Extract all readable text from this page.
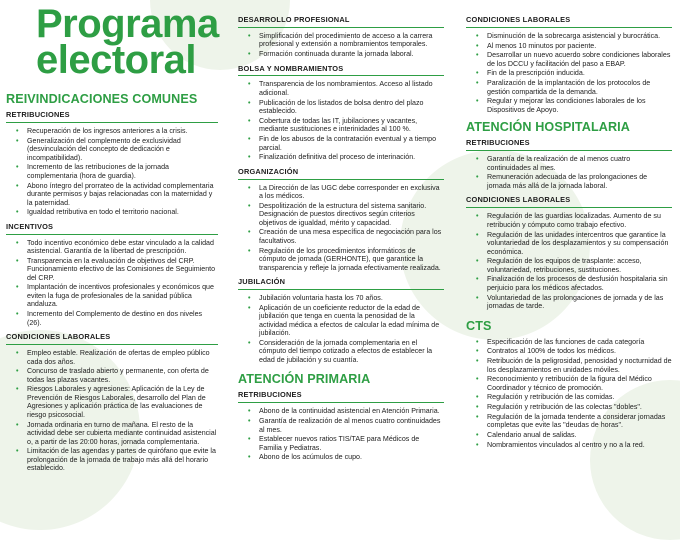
Programa
electoral
REIVINDICACIONES COMUNES
RETRIBUCIONES
• Recuperación de los ingresos anteriores a la crisis.
• Generalización del complemento de exclusividad (desvinculación del concepto de dedicación e incompatibilidad).
• Incremento de las retribuciones de la jornada complementaria (hora de guardia).
• Abono íntegro del prorrateo de la actividad complementaria durante permisos y bajas relacionadas con la maternidad y la paternidad.
• Igualdad retributiva en todo el territorio nacional.
INCENTIVOS
• Todo incentivo económico debe estar vinculado a la calidad asistencial. Garantía de la libertad de prescripción.
• Transparencia en la evaluación de objetivos del CRP. Funcionamiento efectivo de las Comisiones de Seguimiento del CRP.
• Implantación de incentivos profesionales y económicos que eviten la fuga de profesionales de la sanidad pública andaluza.
• Incremento del Complemento de destino en dos niveles (26).
CONDICIONES LABORALES
• Empleo estable. Realización de ofertas de empleo público cada dos años.
• Concurso de traslado abierto y permanente, con oferta de todas las plazas vacantes.
• Riesgos Laborales y agresiones: Aplicación de la Ley de Prevención de Riesgos Laborales, desarrollo del Plan de Agresiones y aplicación práctica de las evaluaciones de riesgo psicosocial.
• Jornada ordinaria en turno de mañana. El resto de la actividad debe ser cubierta mediante continuidad asistencial o, a partir de las 20:00 horas, jornada complementaria.
• Limitación de las agendas y partes de quirófano que evite la prolongación de la jornada de trabajo más allá del horario establecido.
DESARROLLO PROFESIONAL
• Simplificación del procedimiento de acceso a la carrera profesional y extensión a nombramientos temporales.
• Formación continuada durante la jornada laboral.
BOLSA Y NOMBRAMIENTOS
• Transparencia de los nombramientos. Acceso al listado adicional.
• Publicación de los listados de bolsa dentro del plazo establecido.
• Cobertura de todas las IT, jubilaciones y vacantes, mediante sustituciones e interinidades al 100 %.
• Fin de los abusos de la contratación eventual y a tiempo parcial.
• Finalización definitiva del proceso de interinación.
ORGANIZACIÓN
• La Dirección de las UGC debe corresponder en exclusiva a los médicos.
• Despolitización de la estructura del sistema sanitario. Designación de puestos directivos según criterios objetivos de igualdad, mérito y capacidad.
• Creación de una mesa específica de negociación para los facultativos.
• Regulación de los procedimientos informáticos de cómputo de jornada (GERHONTE), que garantice la transparencia y refleje la jornada efectivamente realizada.
JUBILACIÓN
• Jubilación voluntaria hasta los 70 años.
• Aplicación de un coeficiente reductor de la edad de jubilación que tenga en cuenta la penosidad de la actividad médica a efectos de calcular la edad mínima de jubilación.
• Consideración de la jornada complementaria en el cómputo del tiempo cotizado a efectos de establecer la edad de jubilación y su cuantía.
ATENCIÓN PRIMARIA
RETRIBUCIONES
• Abono de la continuidad asistencial en Atención Primaria.
• Garantía de realización de al menos cuatro continuidades al mes.
• Establecer nuevos ratios TIS/TAE para Médicos de Familia y Pediatras.
• Abono de los acúmulos de cupo.
CONDICIONES LABORALES
• Disminución de la sobrecarga asistencial y burocrática.
• Al menos 10 minutos por paciente.
• Desarrollar un nuevo acuerdo sobre condiciones laborales de los DCCU y facilitación del paso a EBAP.
• Fin de la prescripción inducida.
• Paralización de la implantación de los protocolos de gestión compartida de la demanda.
• Regular y mejorar las condiciones laborales de los Dispositivos de Apoyo.
ATENCIÓN HOSPITALARIA
RETRIBUCIONES
• Garantía de la realización de al menos cuatro continuidades al mes.
• Remuneración adecuada de las prolongaciones de jornada más allá de la jornada laboral.
CONDICIONES LABORALES
• Regulación de las guardias localizadas. Aumento de su retribución y cómputo como trabajo efectivo.
• Regulación de las unidades intercentros que garantice la voluntariedad de los desplazamientos y su compensación económica.
• Regulación de los equipos de trasplante: acceso, voluntariedad, retribuciones, sustituciones.
• Finalización de los procesos de desfusión hospitalaria sin perjuicio para los médicos afectados.
• Voluntariedad de las prolongaciones de jornada y de las jornadas de tarde.
CTS
• Especificación de las funciones de cada categoría
• Contratos al 100% de todos los médicos.
• Retribución de la peligrosidad, penosidad y nocturnidad de los desplazamientos en unidades móviles.
• Reconocimiento y retribución de la figura del Médico Coordinador y técnico de promoción.
• Regulación y retribución de las comidas.
• Regulación y retribución de las colectas "dobles".
• Regulación de la jornada tendente a considerar jornadas completas que evite las "deudas de horas".
• Calendario anual de salidas.
• Nombramientos vinculados al centro y no a la red.
